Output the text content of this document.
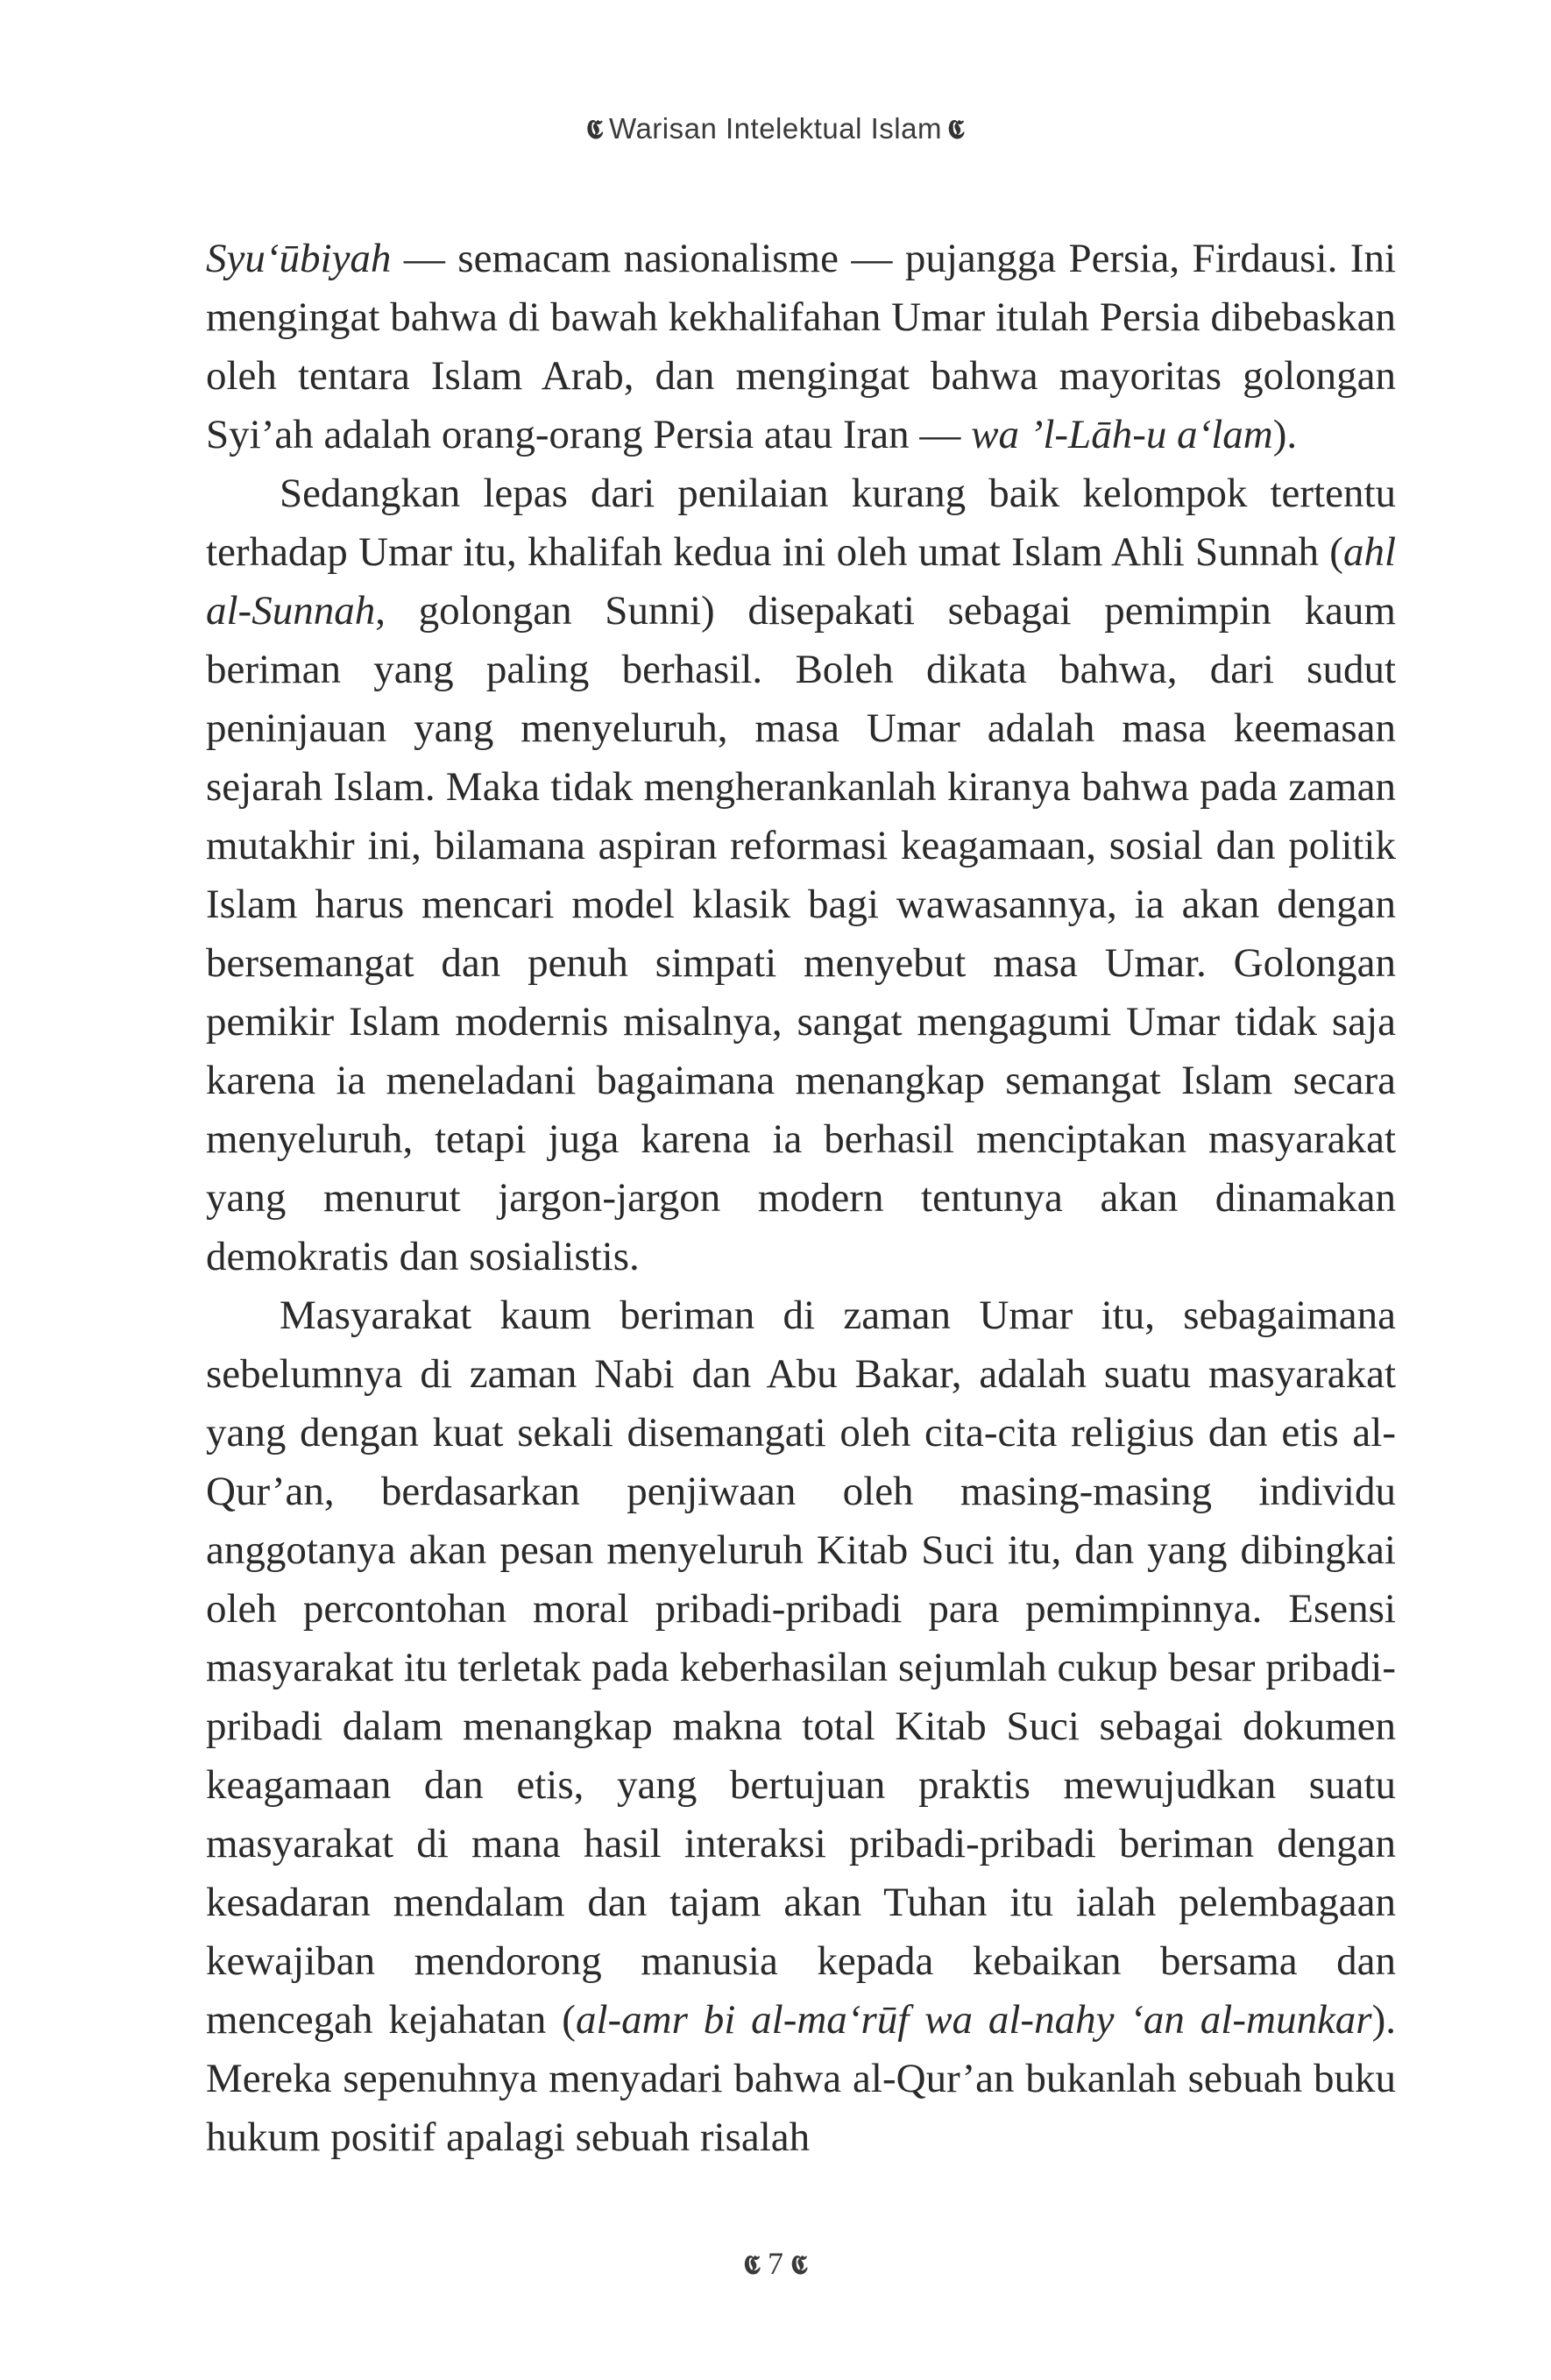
𝕮 Warisan Intelektual Islam 𝕮

Syu‘ūbiyah — semacam nasionalisme — pujangga Persia, Firdausi. Ini mengingat bahwa di bawah kekhalifahan Umar itulah Persia dibebaskan oleh tentara Islam Arab, dan mengingat bahwa mayoritas golongan Syi’ah adalah orang-orang Persia atau Iran — wa ’l-Lāh-u a‘lam).

Sedangkan lepas dari penilaian kurang baik kelompok tertentu terhadap Umar itu, khalifah kedua ini oleh umat Islam Ahli Sunnah (ahl al-Sunnah, golongan Sunni) disepakati sebagai pemimpin kaum beriman yang paling berhasil. Boleh dikata bahwa, dari sudut peninjauan yang menyeluruh, masa Umar adalah masa keemasan sejarah Islam. Maka tidak mengherankanlah kiranya bahwa pada zaman mutakhir ini, bilamana aspiran reformasi keagamaan, sosial dan politik Islam harus mencari model klasik bagi wawasannya, ia akan dengan bersemangat dan penuh simpati menyebut masa Umar. Golongan pemikir Islam modernis misalnya, sangat mengagumi Umar tidak saja karena ia meneladani bagaimana menangkap semangat Islam secara menyeluruh, tetapi juga karena ia berhasil menciptakan masyarakat yang menurut jargon-jargon modern tentunya akan dinamakan demokratis dan sosialistis.

Masyarakat kaum beriman di zaman Umar itu, sebagaimana sebelumnya di zaman Nabi dan Abu Bakar, adalah suatu masyarakat yang dengan kuat sekali disemangati oleh cita-cita religius dan etis al-Qur’an, berdasarkan penjiwaan oleh masing-masing individu anggotanya akan pesan menyeluruh Kitab Suci itu, dan yang dibingkai oleh percontohan moral pribadi-pribadi para pemimpinnya. Esensi masyarakat itu terletak pada keberhasilan sejumlah cukup besar pribadi-pribadi dalam menangkap makna total Kitab Suci sebagai dokumen keagamaan dan etis, yang bertujuan praktis mewujudkan suatu masyarakat di mana hasil interaksi pribadi-pribadi beriman dengan kesadaran mendalam dan tajam akan Tuhan itu ialah pelembagaan kewajiban mendorong manusia kepada kebaikan bersama dan mencegah kejahatan (al-amr bi al-ma‘rūf wa al-nahy ‘an al-munkar). Mereka sepenuhnya menyadari bahwa al-Qur’an bukanlah sebuah buku hukum positif apalagi sebuah risalah

𝕮 7 𝕮
